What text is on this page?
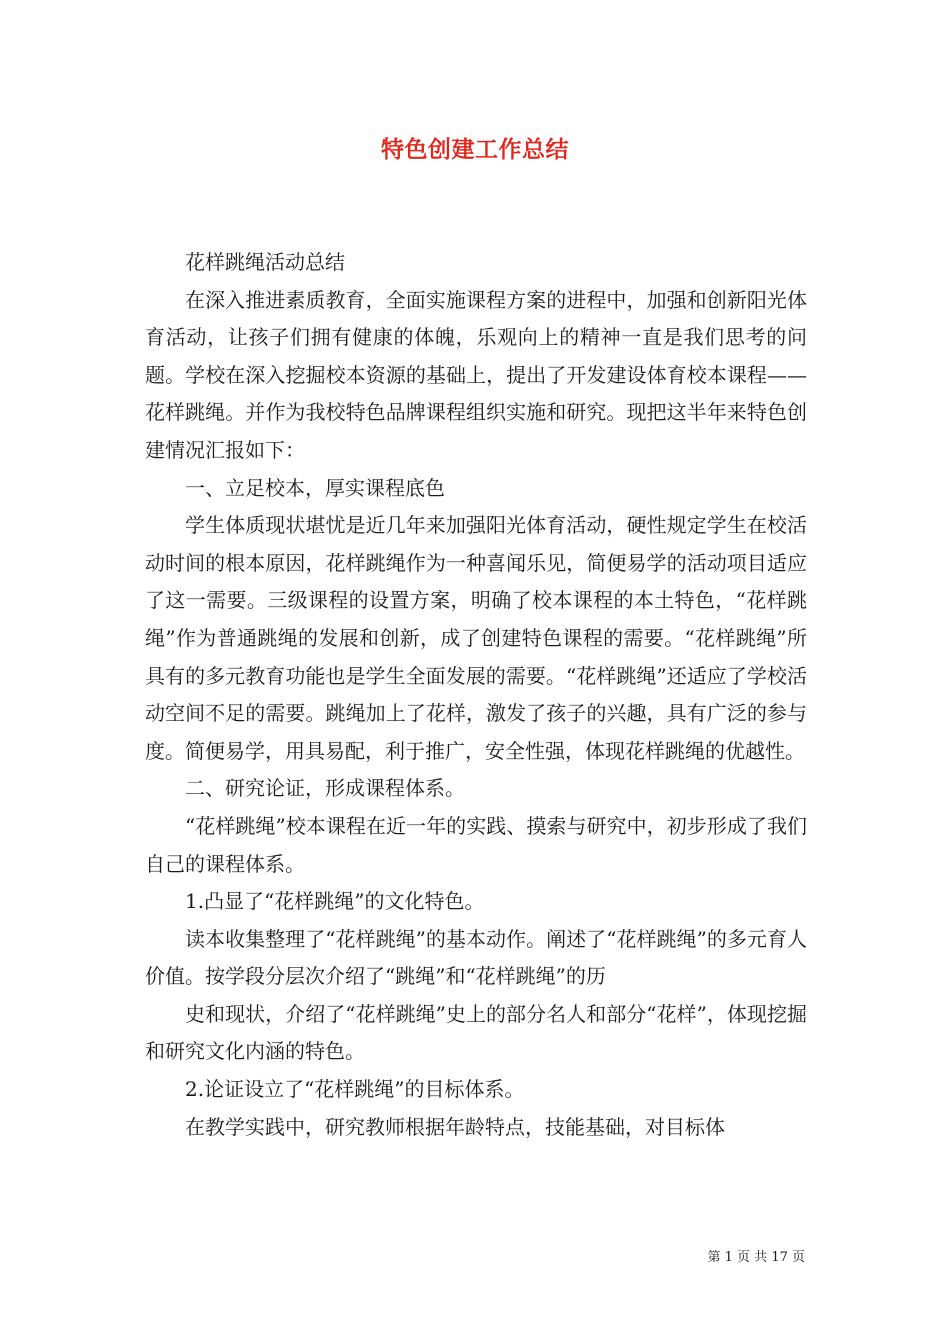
特色创建工作总结

花样跳绳活动总结

在深入推进素质教育，全面实施课程方案的进程中，加强和创新阳光体育活动，让孩子们拥有健康的体魄，乐观向上的精神一直是我们思考的问题。学校在深入挖掘校本资源的基础上，提出了开发建设体育校本课程——花样跳绳。并作为我校特色品牌课程组织实施和研究。现把这半年来特色创建情况汇报如下：

一、立足校本，厚实课程底色

学生体质现状堪忧是近几年来加强阳光体育活动，硬性规定学生在校活动时间的根本原因，花样跳绳作为一种喜闻乐见，简便易学的活动项目适应了这一需要。三级课程的设置方案，明确了校本课程的本土特色，“花样跳绳”作为普通跳绳的发展和创新，成了创建特色课程的需要。“花样跳绳”所具有的多元教育功能也是学生全面发展的需要。“花样跳绳”还适应了学校活动空间不足的需要。跳绳加上了花样，激发了孩子的兴趣，具有广泛的参与度。简便易学，用具易配，利于推广，安全性强，体现花样跳绳的优越性。

二、研究论证，形成课程体系。

“花样跳绳”校本课程在近一年的实践、摸索与研究中，初步形成了我们自己的课程体系。

1.凸显了“花样跳绳”的文化特色。

读本收集整理了“花样跳绳”的基本动作。阐述了“花样跳绳”的多元育人价值。按学段分层次介绍了“跳绳”和“花样跳绳”的历

史和现状，介绍了“花样跳绳”史上的部分名人和部分“花样”，体现挖掘和研究文化内涵的特色。

2.论证设立了“花样跳绳”的目标体系。

在教学实践中，研究教师根据年龄特点，技能基础，对目标体

第 1 页 共 17 页
